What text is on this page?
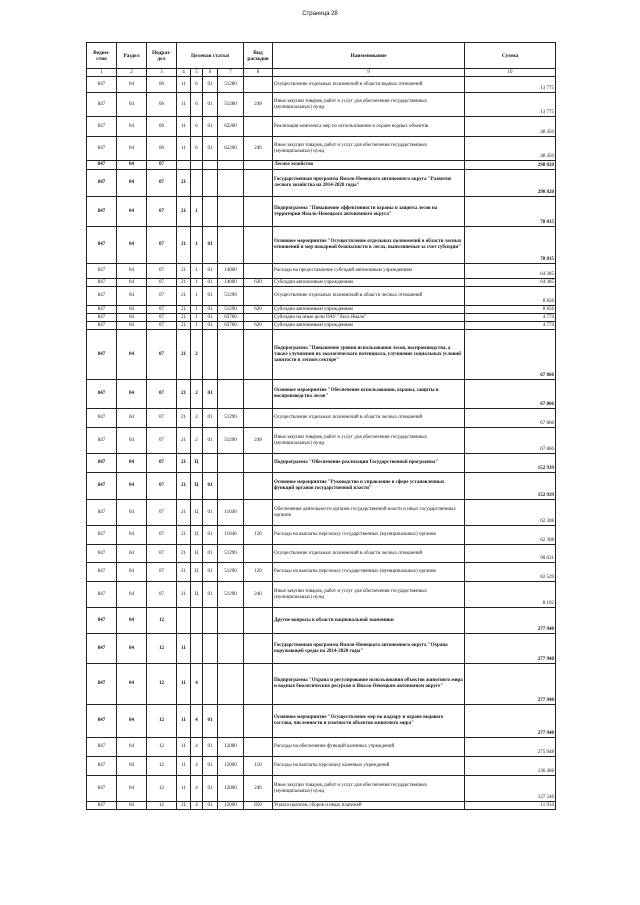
Страница 28
Ведом-ство	Раздел	Подраз-дел	Целевая статья				Вид расходов	Наименование	Сумма
1	2	3	4	5	6	7	8	9	10
847	04	06	11	6	01	51280		Осуществление отдельных полномочий в области водных отношений	13 775
847	04	06	11	6	01	51280	240	Иные закупки товаров, работ и услуг для обеспечения государственных (муниципальных) нужд	13 775
847	04	06	11	6	01	62200		Реализация комплекса мер по использованию и охране водных объектов	48 450
847	04	06	11	6	01	62200	240	Иные закупки товаров, работ и услуг для обеспечения государственных (муниципальных) нужд	48 450
847	04	07						Лесное хозяйство	298 820
847	04	07	21					Государственная программа Ямало-Ненецкого автономного округа "Развитие лесного хозяйства на 2014-2020 годы"	298 820
847	04	07	21	1				Подпрограмма "Повышение эффективности охраны и защиты лесов на территории Ямало-Ненецкого автономного округа"	78 015
847	04	07	21	1	01			Основное мероприятие "Осуществление отдельных полномочий в области лесных отношений и мер пожарной безопасности в лесах, выполняемые за счет субсидии"	78 015
847	04	07	21	1	01	14000		Расходы на предоставление субсидий автономным учреждениям	64 385
847	04	07	21	1	01	14000	620	Субсидии автономным учреждениям	64 385
847	04	07	21	1	01	51290		Осуществление отдельных полномочий в области лесных отношений	8 856
847	04	07	21	1	01	51290	620	Субсидии автономным учреждениям	8 856
847	04	07	21	1	01	63760		Субсидии на иные цели ОАУ "Леса Ямала"	4 774
847	04	07	21	1	01	63760	620	Субсидии автономным учреждениям	4 774
847	04	07	21	2				Подпрограмма "Повышение уровня использования лесов, воспроизводства, а также улучшения их экологического потенциала, улучшение социальных условий занятости в лесном секторе"	67 866
847	04	07	21	2	01			Основное мероприятие "Обеспечение использования, охраны, защиты и воспроизводства лесов"	67 866
847	04	07	21	2	01	51290		Осуществление отдельных полномочий в области лесных отношений	67 866
847	04	07	21	2	01	51290	240	Иные закупки товаров, работ и услуг для обеспечения государственных (муниципальных) нужд	67 866
847	04	07	21	Ц				Подпрограмма "Обеспечение реализации Государственной программы"	152 939
847	04	07	21	Ц	01			Основное мероприятие "Руководство и управление в сфере установленных функций органов государственной власти"	152 939
847	04	07	21	Ц	01	11040		Обеспечение деятельности органов государственной власти и иных государственных органов	62 308
847	04	07	21	Ц	01	11040	120	Расходы на выплаты персоналу государственных (муниципальных) органов	62 308
847	04	07	21	Ц	01	51290		Осуществление отдельных полномочий в области лесных отношений	90 631
847	04	07	21	Ц	01	51290	120	Расходы на выплаты персоналу государственных (муниципальных) органов	82 529
847	04	07	21	Ц	01	51290	240	Иные закупки товаров, работ и услуг для обеспечения государственных (муниципальных) нужд	8 102
847	04	12						Другие вопросы в области национальной экономики	277 948
847	04	12	11					Государственная программа Ямало-Ненецкого автономного округа "Охрана окружающей среды на 2014-2020 годы"	277 948
847	04	12	11	4				Подпрограмма "Охрана и регулирование использования объектов животного мира и водных биологических ресурсов в Ямало-Ненецком автономном округе"	277 948
847	04	12	11	4	01			Основное мероприятие "Осуществление мер по надзору и охране видового состава, численности и плотности объектов животного мира"	277 948
847	04	12	11	4	01	12000		Расходы на обеспечение функций казенных учреждений	275 948
847	04	12	11	4	01	12000	110	Расходы на выплаты персоналу казенных учреждений	136 468
847	04	12	11	4	01	12000	240	Иные закупки товаров, работ и услуг для обеспечения государственных (муниципальных) нужд	127 546
847	04	12	11	4	01	12000	850	Уплата налогов, сборов и иных платежей	11 934
